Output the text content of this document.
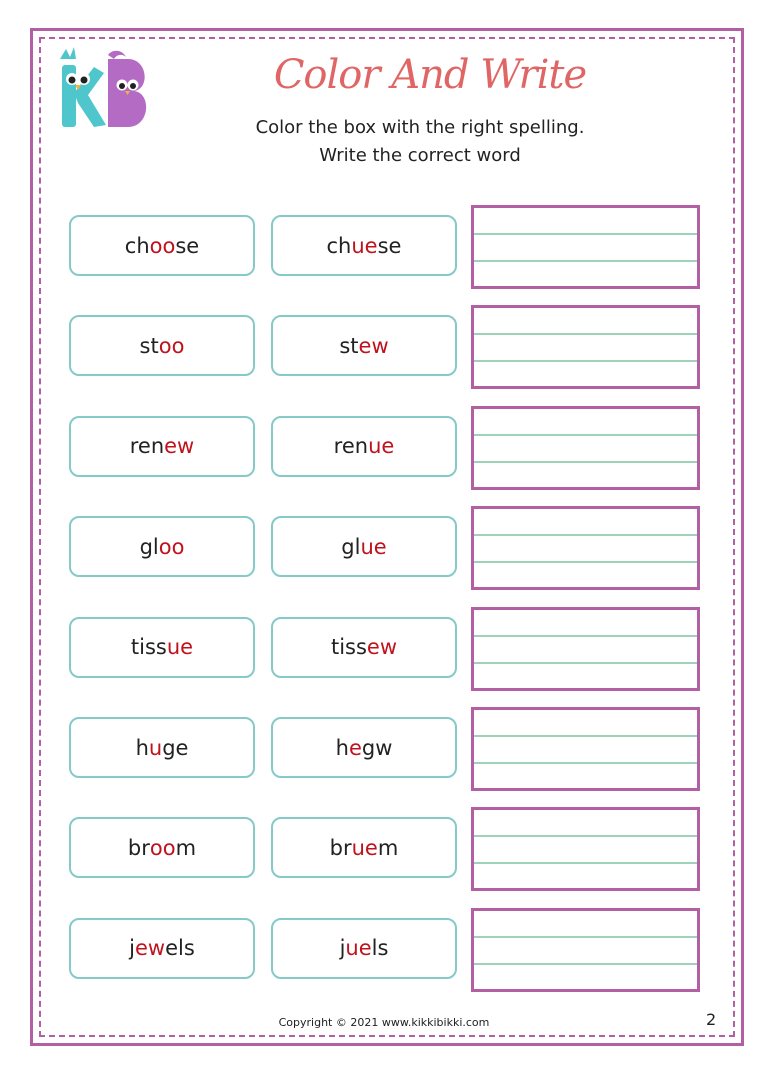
Color And Write

Color the box with the right spelling.

Write the correct word

ch oo se	ch ue se
st oo	st ew
ren ew	ren ue
gl oo	gl ue
tiss ue	tiss ew
h u ge	h e gw
br oo m	br ue m
j ew els	j ue ls

Copyright © 2021 www.kikkibikki.com	2
